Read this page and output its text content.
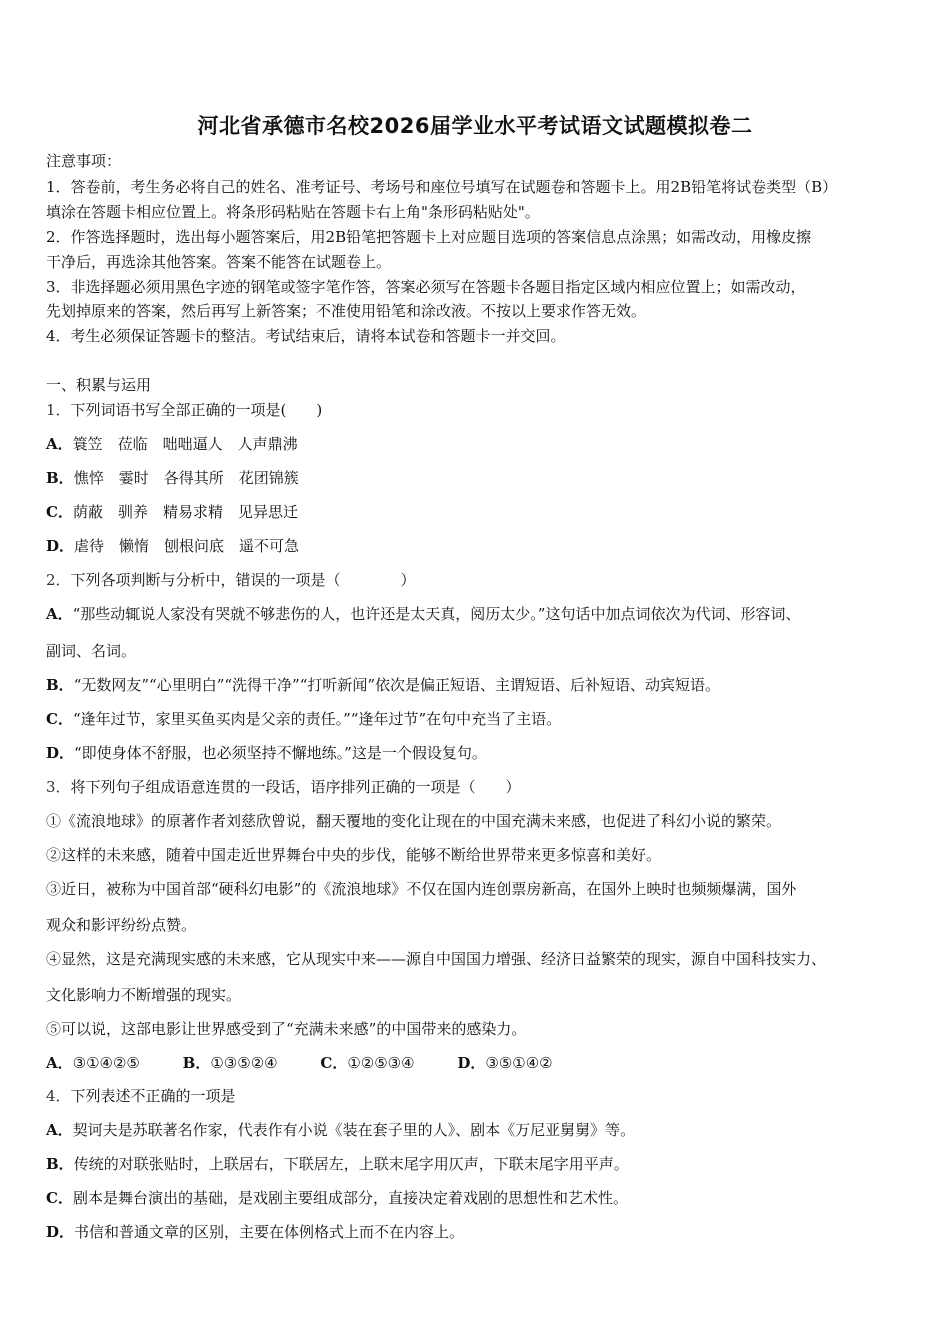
河北省承德市名校2026届学业水平考试语文试题模拟卷二
注意事项：
1．答卷前，考生务必将自己的姓名、准考证号、考场号和座位号填写在试题卷和答题卡上。用2B铅笔将试卷类型（B）
填涂在答题卡相应位置上。将条形码粘贴在答题卡右上角"条形码粘贴处"。
2．作答选择题时，选出每小题答案后，用2B铅笔把答题卡上对应题目选项的答案信息点涂黑；如需改动，用橡皮擦
干净后，再选涂其他答案。答案不能答在试题卷上。
3．非选择题必须用黑色字迹的钢笔或签字笔作答，答案必须写在答题卡各题目指定区域内相应位置上；如需改动，
先划掉原来的答案，然后再写上新答案；不准使用铅笔和涂改液。不按以上要求作答无效。
4．考生必须保证答题卡的整洁。考试结束后，请将本试卷和答题卡一并交回。
一、积累与运用
1．下列词语书写全部正确的一项是(　　)
A．簑笠　莅临　咄咄逼人　人声鼎沸
B．憔悴　霎时　各得其所　花团锦簇
C．荫蔽　驯养　精易求精　见异思迁
D．虐待　懒惰　刨根问底　遥不可急
2．下列各项判断与分析中，错误的一项是（　　　　）
A．“那些动辄说人家没有哭就不够悲伤的人，也许还是太天真，阅历太少。”这句话中加点词依次为代词、形容词、
副词、名词。
B．“无数网友”“心里明白”“洗得干净”“打听新闻”依次是偏正短语、主谓短语、后补短语、动宾短语。
C．“逢年过节，家里买鱼买肉是父亲的责任。”“逢年过节”在句中充当了主语。
D．“即使身体不舒服，也必须坚持不懈地练。”这是一个假设复句。
3．将下列句子组成语意连贯的一段话，语序排列正确的一项是（　　）
①《流浪地球》的原著作者刘慈欣曾说，翻天覆地的变化让现在的中国充满未来感，也促进了科幻小说的繁荣。
②这样的未来感，随着中国走近世界舞台中央的步伐，能够不断给世界带来更多惊喜和美好。
③近日，被称为中国首部“硬科幻电影”的《流浪地球》不仅在国内连创票房新高，在国外上映时也频频爆满，国外
观众和影评纷纷点赞。
④显然，这是充满现实感的未来感，它从现实中来——源自中国国力增强、经济日益繁荣的现实，源自中国科技实力、
文化影响力不断增强的现实。
⑤可以说，这部电影让世界感受到了“充满未来感”的中国带来的感染力。
A．③①④②⑤	B．①③⑤②④	C．①②⑤③④	D．③⑤①④②
4．下列表述不正确的一项是
A．契诃夫是苏联著名作家，代表作有小说《装在套子里的人》、剧本《万尼亚舅舅》等。
B．传统的对联张贴时，上联居右，下联居左，上联末尾字用仄声，下联末尾字用平声。
C．剧本是舞台演出的基础，是戏剧主要组成部分，直接决定着戏剧的思想性和艺术性。
D．书信和普通文章的区别，主要在体例格式上而不在内容上。
